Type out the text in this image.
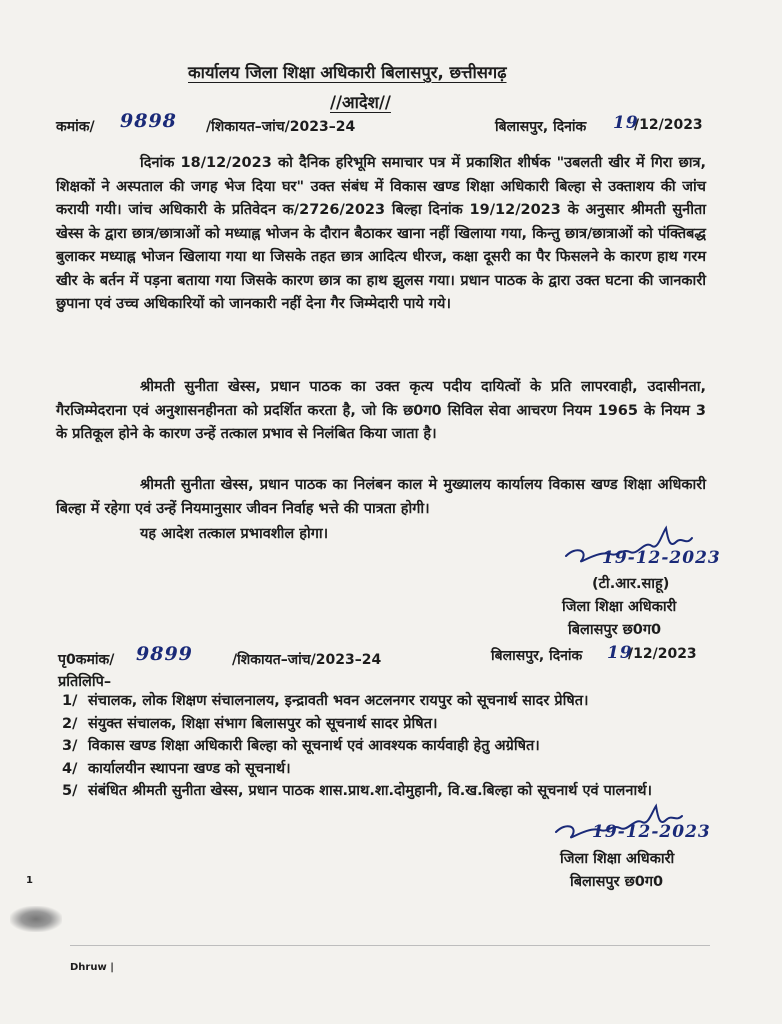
कार्यालय जिला शिक्षा अधिकारी बिलासपुर, छत्तीसगढ़
//आदेश//
कमांक/ 9898 /शिकायत–जांच/2023–24	बिलासपुर, दिनांक 19
/12/2023

दिनांक 18/12/2023 को दैनिक हरिभूमि समाचार पत्र में प्रकाशित शीर्षक "उबलती खीर में गिरा छात्र, शिक्षकों ने अस्पताल की जगह भेज दिया घर" उक्त संबंध में विकास खण्ड शिक्षा अधिकारी बिल्हा से उक्ताशय की जांच करायी गयी। जांच अधिकारी के प्रतिवेदन क/2726/2023 बिल्हा दिनांक 19/12/2023 के अनुसार श्रीमती सुनीता खेस्स के द्वारा छात्र/छात्राओं को मध्याह्न भोजन के दौरान बैठाकर खाना नहीं खिलाया गया, किन्तु छात्र/छात्राओं को पंक्तिबद्ध बुलाकर मध्याह्न भोजन खिलाया गया था जिसके तहत छात्र आदित्य धीरज, कक्षा दूसरी का पैर फिसलने के कारण हाथ गरम खीर के बर्तन में पड़ना बताया गया जिसके कारण छात्र का हाथ झुलस गया। प्रधान पाठक के द्वारा उक्त घटना की जानकारी छुपाना एवं उच्च अधिकारियों को जानकारी नहीं देना गैर जिम्मेदारी पाये गये।

श्रीमती सुनीता खेस्स, प्रधान पाठक का उक्त कृत्य पदीय दायित्वों के प्रति लापरवाही, उदासीनता, गैरजिम्मेदराना एवं अनुशासनहीनता को प्रदर्शित करता है, जो कि छ0ग0 सिविल सेवा आचरण नियम 1965 के नियम 3 के प्रतिकूल होने के कारण उन्हें तत्काल प्रभाव से निलंबित किया जाता है।

श्रीमती सुनीता खेस्स, प्रधान पाठक का निलंबन काल मे मुख्यालय कार्यालय विकास खण्ड शिक्षा अधिकारी बिल्हा में रहेगा एवं उन्हें नियमानुसार जीवन निर्वाह भत्ते की पात्रता होगी।

यह आदेश तत्काल प्रभावशील होगा।

19-12-2023
(टी.आर.साहू)
जिला शिक्षा अधिकारी
बिलासपुर छ0ग0
पृ0कमांक/ 9899	/शिकायत–जांच/2023–24	बिलासपुर, दिनांक 19
/12/2023
प्रतिलिपि–
1/ संचालक, लोक शिक्षण संचालनालय, इन्द्रावती भवन अटलनगर रायपुर को सूचनार्थ सादर प्रेषित।
2/ संयुक्त संचालक, शिक्षा संभाग बिलासपुर को सूचनार्थ सादर प्रेषित।
3/ विकास खण्ड शिक्षा अधिकारी बिल्हा को सूचनार्थ एवं आवश्यक कार्यवाही हेतु अग्रेषित।
4/ कार्यालयीन स्थापना खण्ड को सूचनार्थ।
5/ संबंधित श्रीमती सुनीता खेस्स, प्रधान पाठक शास.प्राथ.शा.दोमुहानी, वि.ख.बिल्हा को सूचनार्थ एवं पालनार्थ।
19-12-2023
जिला शिक्षा अधिकारी
बिलासपुर छ0ग0
1
Dhruw |
